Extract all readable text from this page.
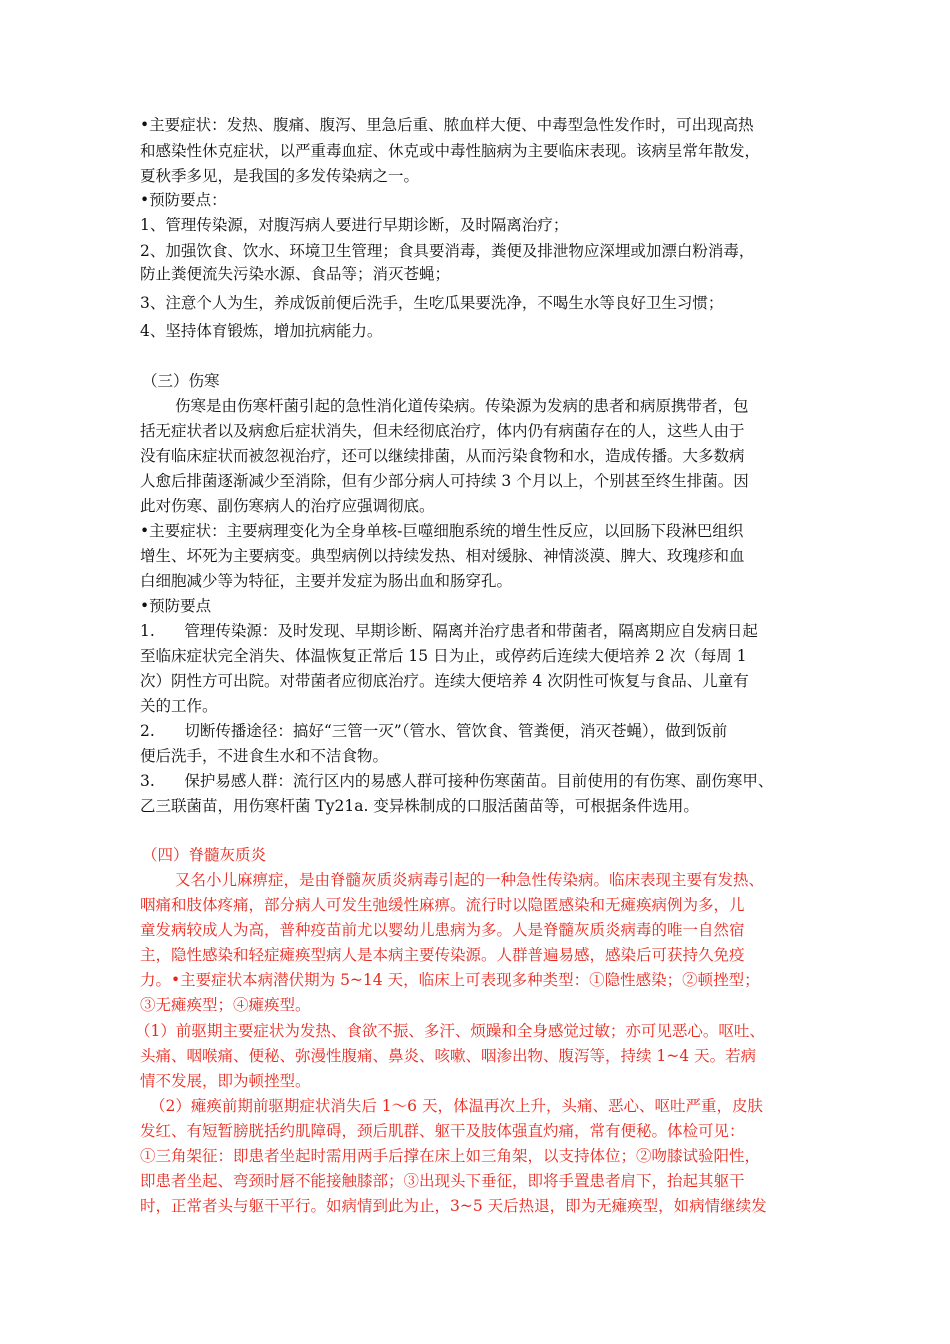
•主要症状：发热、腹痛、腹泻、里急后重、脓血样大便、中毒型急性发作时，可出现高热
和感染性休克症状，以严重毒血症、休克或中毒性脑病为主要临床表现。该病呈常年散发，
夏秋季多见，是我国的多发传染病之一。
•预防要点：
1、管理传染源，对腹泻病人要进行早期诊断，及时隔离治疗；
2、加强饮食、饮水、环境卫生管理；食具要消毒，粪便及排泄物应深埋或加漂白粉消毒，
防止粪便流失污染水源、食品等；消灭苍蝇；
3、注意个人为生，养成饭前便后洗手，生吃瓜果要洗净，不喝生水等良好卫生习惯；
4、坚持体育锻炼，增加抗病能力。
（三）伤寒
伤寒是由伤寒杆菌引起的急性消化道传染病。传染源为发病的患者和病原携带者，包
括无症状者以及病愈后症状消失，但未经彻底治疗，体内仍有病菌存在的人，这些人由于
没有临床症状而被忽视治疗，还可以继续排菌，从而污染食物和水，造成传播。大多数病
人愈后排菌逐渐减少至消除，但有少部分病人可持续 3 个月以上，个别甚至终生排菌。因
此对伤寒、副伤寒病人的治疗应强调彻底。
•主要症状：主要病理变化为全身单核-巨噬细胞系统的增生性反应，以回肠下段淋巴组织
增生、坏死为主要病变。典型病例以持续发热、相对缓脉、神情淡漠、脾大、玫瑰疹和血
白细胞减少等为特征，主要并发症为肠出血和肠穿孔。
•预防要点
1.      管理传染源：及时发现、早期诊断、隔离并治疗患者和带菌者，隔离期应自发病日起
至临床症状完全消失、体温恢复正常后 15 日为止，或停药后连续大便培养 2 次（每周 1
次）阴性方可出院。对带菌者应彻底治疗。连续大便培养 4 次阴性可恢复与食品、儿童有
关的工作。
2.      切断传播途径：搞好“三管一灭”（管水、管饮食、管粪便，消灭苍蝇），做到饭前
便后洗手，不进食生水和不洁食物。
3.      保护易感人群：流行区内的易感人群可接种伤寒菌苗。目前使用的有伤寒、副伤寒甲、
乙三联菌苗，用伤寒杆菌 Ty21a. 变异株制成的口服活菌苗等，可根据条件选用。
（四）脊髓灰质炎
又名小儿麻痹症，是由脊髓灰质炎病毒引起的一种急性传染病。临床表现主要有发热、
咽痛和肢体疼痛，部分病人可发生弛缓性麻痹。流行时以隐匿感染和无瘫痪病例为多，儿
童发病较成人为高，普种疫苗前尤以婴幼儿患病为多。人是脊髓灰质炎病毒的唯一自然宿
主，隐性感染和轻症瘫痪型病人是本病主要传染源。人群普遍易感，感染后可获持久免疫
力。•主要症状本病潜伏期为 5~14 天，临床上可表现多种类型：①隐性感染；②顿挫型；
③无瘫痪型；④瘫痪型。
（1）前驱期主要症状为发热、食欲不振、多汗、烦躁和全身感觉过敏；亦可见恶心。呕吐、
头痛、咽喉痛、便秘、弥漫性腹痛、鼻炎、咳嗽、咽渗出物、腹泻等，持续 1~4 天。若病
情不发展，即为顿挫型。
（2）瘫痪前期前驱期症状消失后 1〜6 天，体温再次上升，头痛、恶心、呕吐严重，皮肤
发红、有短暂膀胱括约肌障碍，颈后肌群、躯干及肢体强直灼痛，常有便秘。体检可见：
①三角架征：即患者坐起时需用两手后撑在床上如三角架，以支持体位；②吻膝试验阳性，
即患者坐起、弯颈时唇不能接触膝部；③出现头下垂征，即将手置患者肩下，抬起其躯干
时，正常者头与躯干平行。如病情到此为止，3~5 天后热退，即为无瘫痪型，如病情继续发
